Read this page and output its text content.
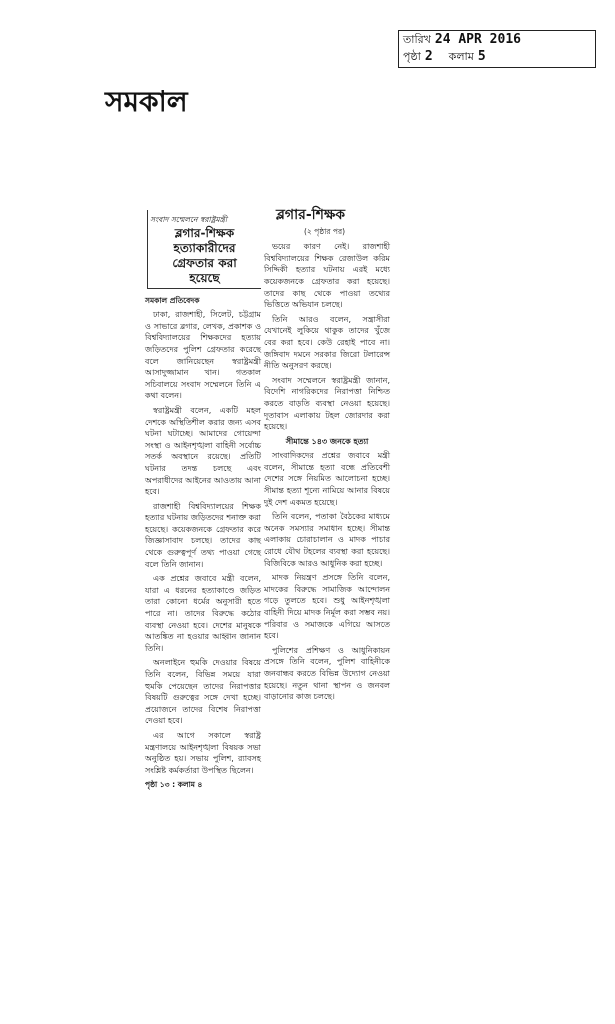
তারিখ 24 APR 2016
পৃষ্ঠা 2 কলাম 5
সমকাল
সংবাদ সম্মেলনে স্বরাষ্ট্রমন্ত্রী
ব্লগার-শিক্ষক
হত্যাকারীদের
গ্রেফতার করা
হয়েছে
সমকাল প্রতিবেদক

ঢাকা, রাজশাহী, সিলেট, চট্টগ্রাম ও সাভারে ব্লগার, লেখক, প্রকাশক ও বিশ্ববিদ্যালয়ের শিক্ষকদের হত্যায় জড়িতদের পুলিশ গ্রেফতার করেছে বলে জানিয়েছেন স্বরাষ্ট্রমন্ত্রী আসাদুজ্জামান খান। গতকাল সচিবালয়ে সংবাদ সম্মেলনে তিনি এ কথা বলেন।

স্বরাষ্ট্রমন্ত্রী বলেন, একটি মহল দেশকে অস্থিতিশীল করার জন্য এসব ঘটনা ঘটাচ্ছে। আমাদের গোয়েন্দা সংস্থা ও আইনশৃঙ্খলা বাহিনী সর্বোচ্চ সতর্ক অবস্থানে রয়েছে। প্রতিটি ঘটনার তদন্ত চলছে এবং অপরাধীদের আইনের আওতায় আনা হবে।

রাজশাহী বিশ্ববিদ্যালয়ের শিক্ষক হত্যার ঘটনায় জড়িতদের শনাক্ত করা হয়েছে। কয়েকজনকে গ্রেফতার করে জিজ্ঞাসাবাদ চলছে। তাদের কাছ থেকে গুরুত্বপূর্ণ তথ্য পাওয়া গেছে বলে তিনি জানান।

এক প্রশ্নের জবাবে মন্ত্রী বলেন, যারা এ ধরনের হত্যাকাণ্ডে জড়িত তারা কোনো ধর্মের অনুসারী হতে পারে না। তাদের বিরুদ্ধে কঠোর ব্যবস্থা নেওয়া হবে। দেশের মানুষকে আতঙ্কিত না হওয়ার আহ্বান জানান তিনি।

অনলাইনে হুমকি দেওয়ার বিষয়ে তিনি বলেন, বিভিন্ন সময়ে যারা হুমকি পেয়েছেন তাদের নিরাপত্তার বিষয়টি গুরুত্বের সঙ্গে দেখা হচ্ছে। প্রয়োজনে তাদের বিশেষ নিরাপত্তা দেওয়া হবে।

এর আগে সকালে স্বরাষ্ট্র মন্ত্রণালয়ে আইনশৃঙ্খলা বিষয়ক সভা অনুষ্ঠিত হয়। সভায় পুলিশ, র‍্যাবসহ সংশ্লিষ্ট কর্মকর্তারা উপস্থিত ছিলেন।

পৃষ্ঠা ১৩ : কলাম ৪
ব্লগার-শিক্ষক
(২ পৃষ্ঠার পর)

ভয়ের কারণ নেই। রাজশাহী বিশ্ববিদ্যালয়ের শিক্ষক রেজাউল করিম সিদ্দিকী হত্যার ঘটনায় এরই মধ্যে কয়েকজনকে গ্রেফতার করা হয়েছে। তাদের কাছ থেকে পাওয়া তথ্যের ভিত্তিতে অভিযান চলছে।

তিনি আরও বলেন, সন্ত্রাসীরা যেখানেই লুকিয়ে থাকুক তাদের খুঁজে বের করা হবে। কেউ রেহাই পাবে না। জঙ্গিবাদ দমনে সরকার জিরো টলারেন্স নীতি অনুসরণ করছে।

সংবাদ সম্মেলনে স্বরাষ্ট্রমন্ত্রী জানান, বিদেশি নাগরিকদের নিরাপত্তা নিশ্চিত করতে বাড়তি ব্যবস্থা নেওয়া হয়েছে। দূতাবাস এলাকায় টহল জোরদার করা হয়েছে।

সীমান্তে ১৪৩ জনকে হত্যা

সাংবাদিকদের প্রশ্নের জবাবে মন্ত্রী বলেন, সীমান্তে হত্যা বন্ধে প্রতিবেশী দেশের সঙ্গে নিয়মিত আলোচনা হচ্ছে। সীমান্ত হত্যা শূন্যে নামিয়ে আনার বিষয়ে দুই দেশ একমত হয়েছে।

তিনি বলেন, পতাকা বৈঠকের মাধ্যমে অনেক সমস্যার সমাধান হচ্ছে। সীমান্ত এলাকায় চোরাচালান ও মাদক পাচার রোধে যৌথ টহলের ব্যবস্থা করা হয়েছে। বিজিবিকে আরও আধুনিক করা হচ্ছে।

মাদক নিয়ন্ত্রণ প্রসঙ্গে তিনি বলেন, মাদকের বিরুদ্ধে সামাজিক আন্দোলন গড়ে তুলতে হবে। শুধু আইনশৃঙ্খলা বাহিনী দিয়ে মাদক নির্মূল করা সম্ভব নয়। পরিবার ও সমাজকে এগিয়ে আসতে হবে।

পুলিশের প্রশিক্ষণ ও আধুনিকায়ন প্রসঙ্গে তিনি বলেন, পুলিশ বাহিনীকে জনবান্ধব করতে বিভিন্ন উদ্যোগ নেওয়া হয়েছে। নতুন থানা স্থাপন ও জনবল বাড়ানোর কাজ চলছে।
